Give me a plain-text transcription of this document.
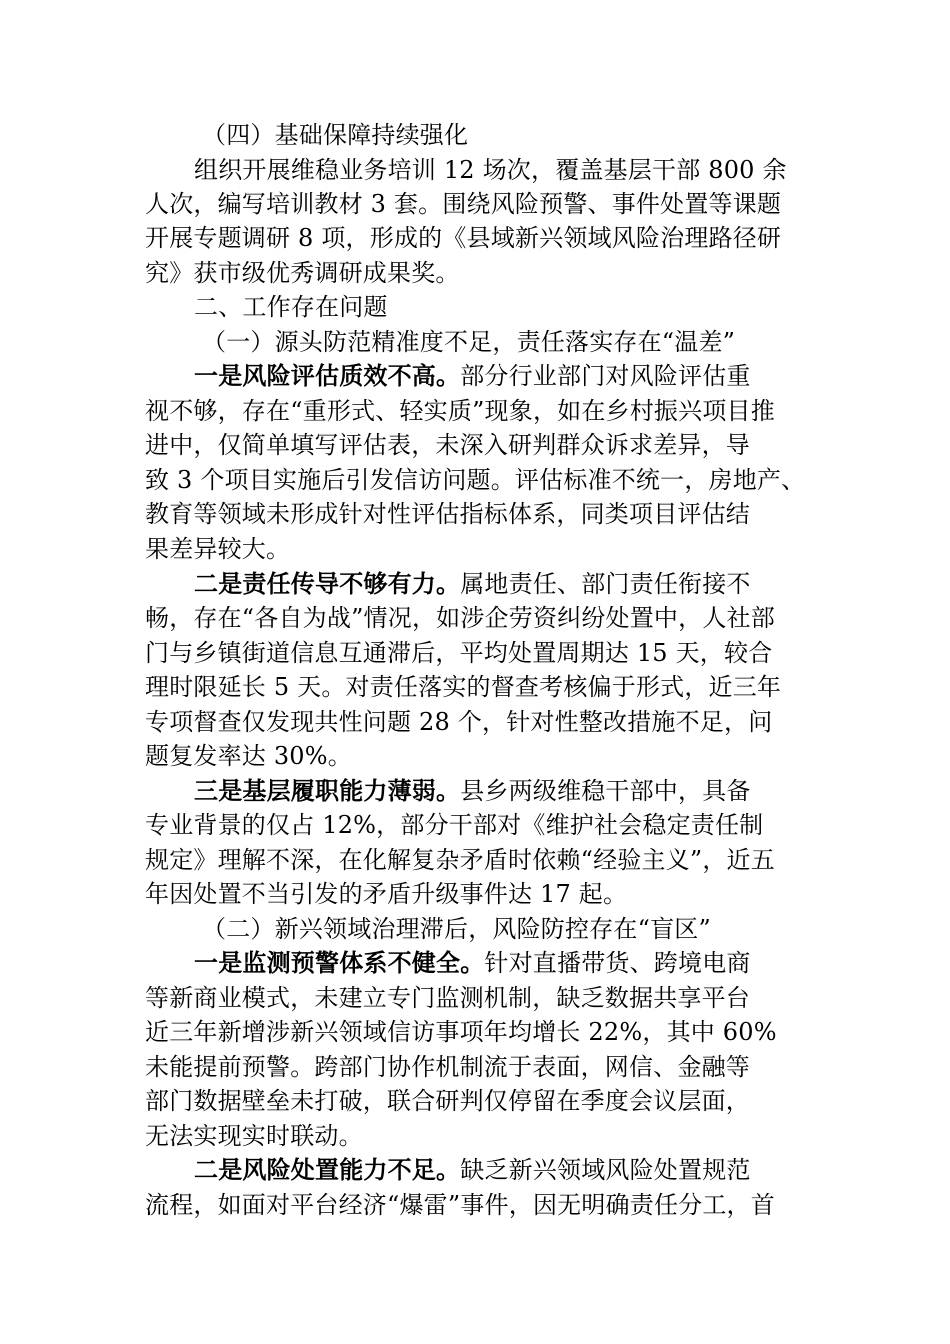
（四）基础保障持续强化
组织开展维稳业务培训 12 场次，覆盖基层干部 800 余
人次，编写培训教材 3 套。围绕风险预警、事件处置等课题
开展专题调研 8 项，形成的《县域新兴领域风险治理路径研
究》获市级优秀调研成果奖。
二、工作存在问题
（一）源头防范精准度不足，责任落实存在“温差”
一是风险评估质效不高。部分行业部门对风险评估重
视不够，存在“重形式、轻实质”现象，如在乡村振兴项目推
进中，仅简单填写评估表，未深入研判群众诉求差异，导
致 3 个项目实施后引发信访问题。评估标准不统一，房地产、
教育等领域未形成针对性评估指标体系，同类项目评估结
果差异较大。
二是责任传导不够有力。属地责任、部门责任衔接不
畅，存在“各自为战”情况，如涉企劳资纠纷处置中，人社部
门与乡镇街道信息互通滞后，平均处置周期达 15 天，较合
理时限延长 5 天。对责任落实的督查考核偏于形式，近三年
专项督查仅发现共性问题 28 个，针对性整改措施不足，问
题复发率达 30%。
三是基层履职能力薄弱。县乡两级维稳干部中，具备
专业背景的仅占 12%，部分干部对《维护社会稳定责任制
规定》理解不深，在化解复杂矛盾时依赖“经验主义”，近五
年因处置不当引发的矛盾升级事件达 17 起。
（二）新兴领域治理滞后，风险防控存在“盲区”
一是监测预警体系不健全。针对直播带货、跨境电商
等新商业模式，未建立专门监测机制，缺乏数据共享平台
近三年新增涉新兴领域信访事项年均增长 22%，其中 60%
未能提前预警。跨部门协作机制流于表面，网信、金融等
部门数据壁垒未打破，联合研判仅停留在季度会议层面，
无法实现实时联动。
二是风险处置能力不足。缺乏新兴领域风险处置规范
流程，如面对平台经济“爆雷”事件，因无明确责任分工，首
